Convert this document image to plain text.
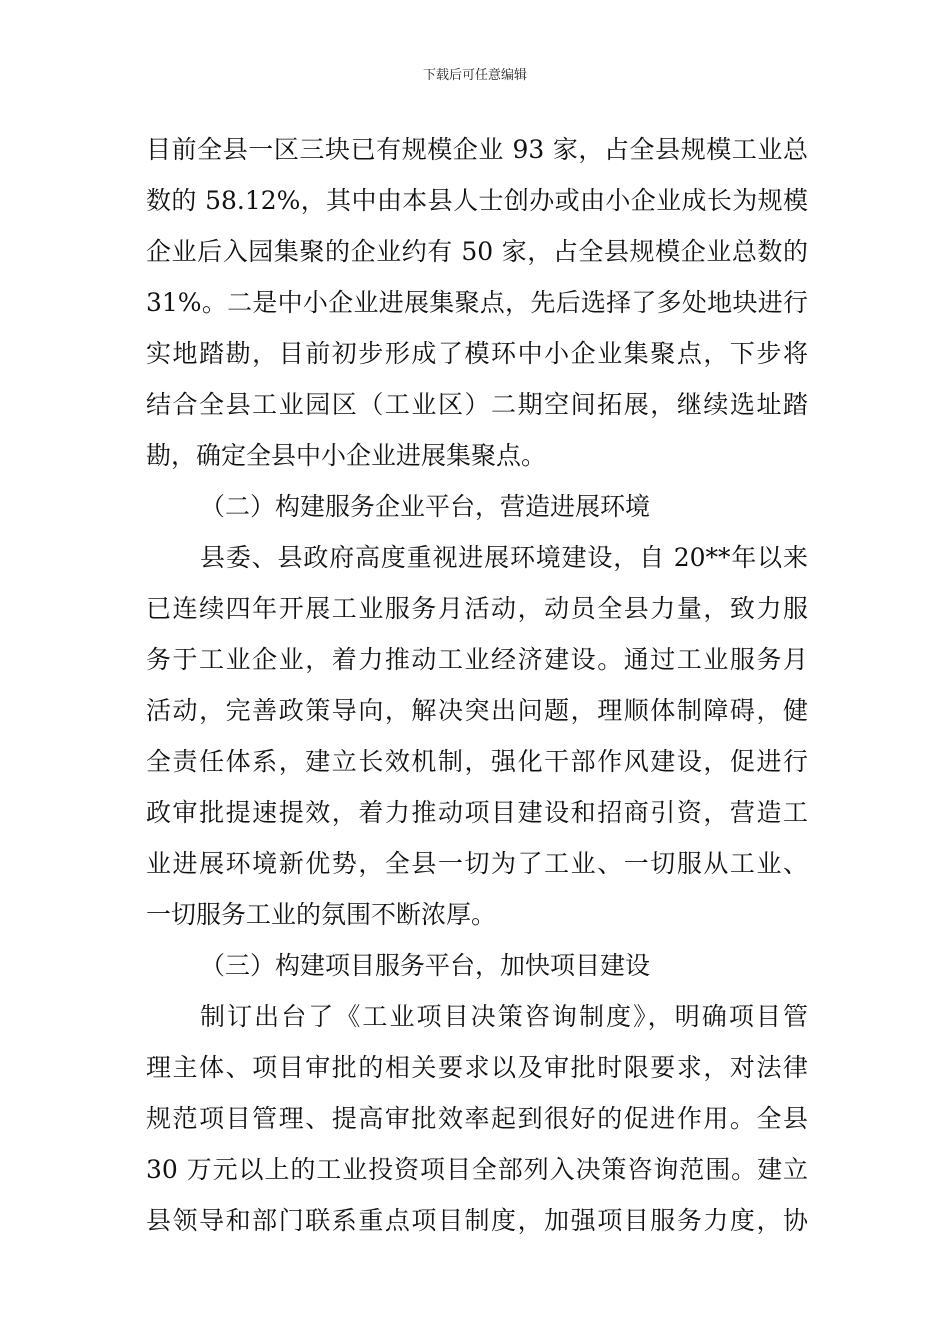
下载后可任意编辑
目前全县一区三块已有规模企业 93 家，占全县规模工业总
数的 58.12%，其中由本县人士创办或由小企业成长为规模
企业后入园集聚的企业约有 50 家，占全县规模企业总数的
31%。二是中小企业进展集聚点，先后选择了多处地块进行
实地踏勘，目前初步形成了模环中小企业集聚点，下步将
结合全县工业园区（工业区）二期空间拓展，继续选址踏
勘，确定全县中小企业进展集聚点。
（二）构建服务企业平台，营造进展环境
县委、县政府高度重视进展环境建设，自 20**年以来
已连续四年开展工业服务月活动，动员全县力量，致力服
务于工业企业，着力推动工业经济建设。通过工业服务月
活动，完善政策导向，解决突出问题，理顺体制障碍，健
全责任体系，建立长效机制，强化干部作风建设，促进行
政审批提速提效，着力推动项目建设和招商引资，营造工
业进展环境新优势，全县一切为了工业、一切服从工业、
一切服务工业的氛围不断浓厚。
（三）构建项目服务平台，加快项目建设
制订出台了《工业项目决策咨询制度》，明确项目管
理主体、项目审批的相关要求以及审批时限要求，对法律
规范项目管理、提高审批效率起到很好的促进作用。全县
30 万元以上的工业投资项目全部列入决策咨询范围。建立
县领导和部门联系重点项目制度，加强项目服务力度，协
